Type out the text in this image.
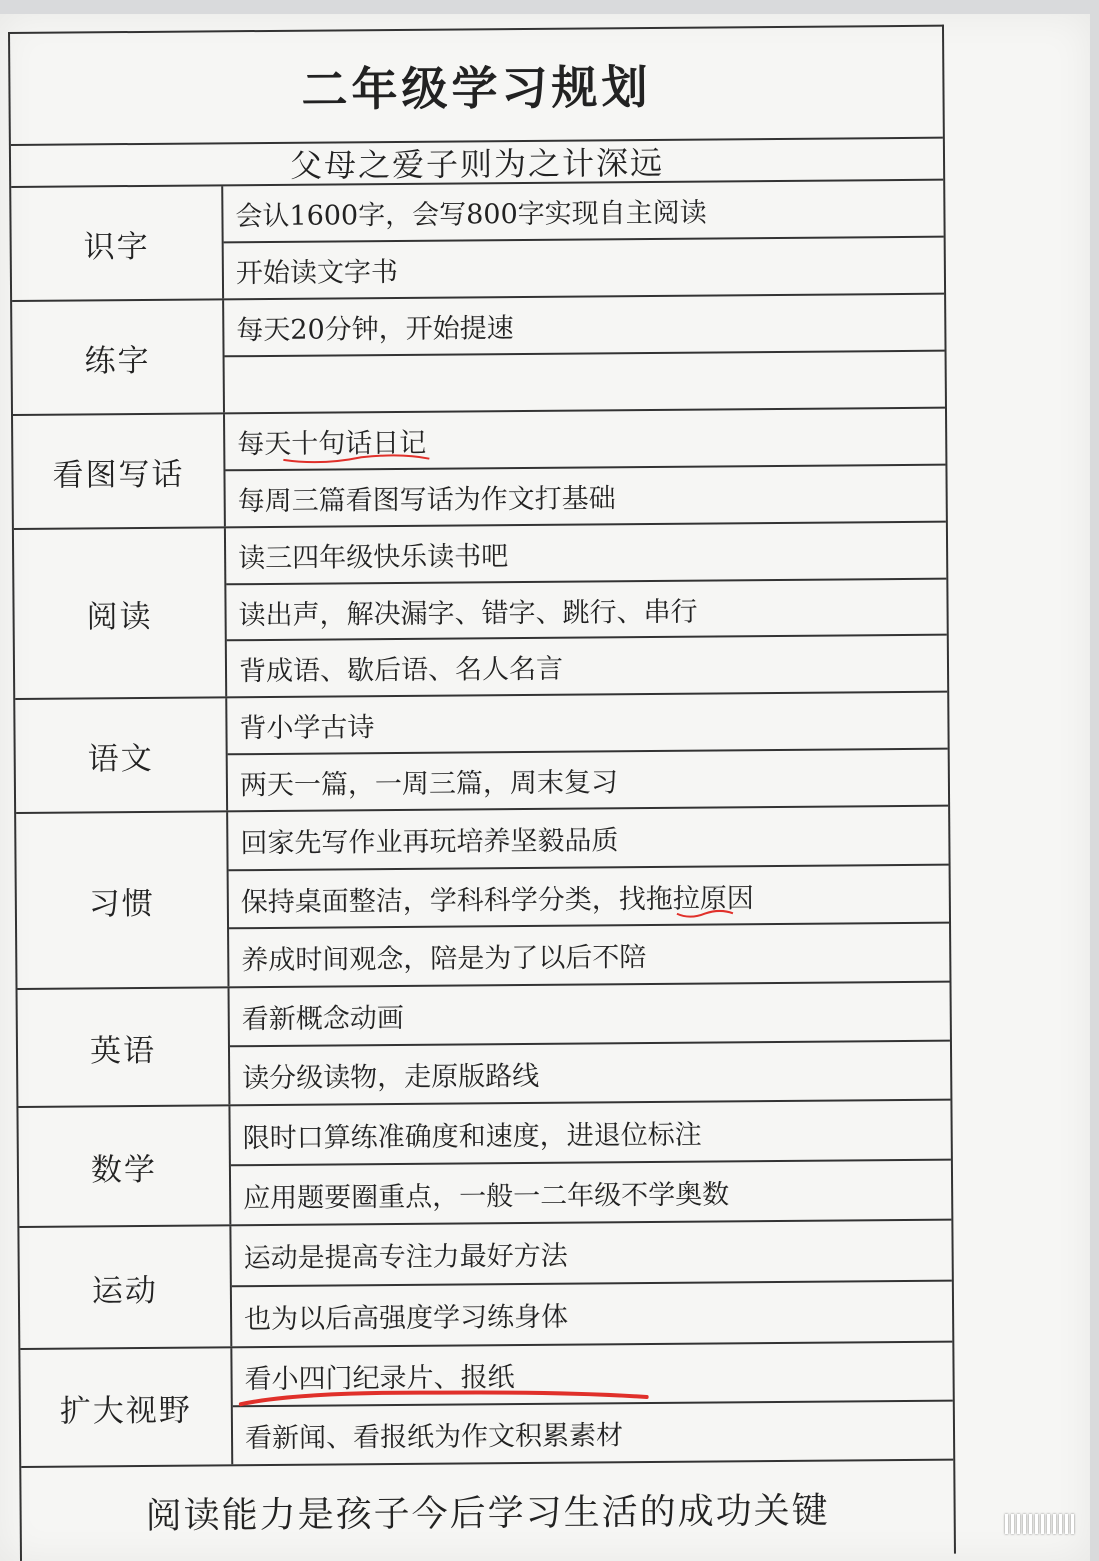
二年级学习规划
父母之爱子则为之计深远
识字
会认1600字，会写800字实现自主阅读
开始读文字书
练字
每天20分钟，开始提速
看图写话
每天十句话日记
每周三篇看图写话为作文打基础
阅读
读三四年级快乐读书吧
读出声，解决漏字、错字、跳行、串行
背成语、歇后语、名人名言
语文
背小学古诗
两天一篇，一周三篇，周末复习
习惯
回家先写作业再玩培养坚毅品质
保持桌面整洁，学科科学分类，找拖拉原因
养成时间观念，陪是为了以后不陪
英语
看新概念动画
读分级读物，走原版路线
数学
限时口算练准确度和速度，进退位标注
应用题要圈重点，一般一二年级不学奥数
运动
运动是提高专注力最好方法
也为以后高强度学习练身体
扩大视野
看小四门纪录片、报纸
看新闻、看报纸为作文积累素材
阅读能力是孩子今后学习生活的成功关键
